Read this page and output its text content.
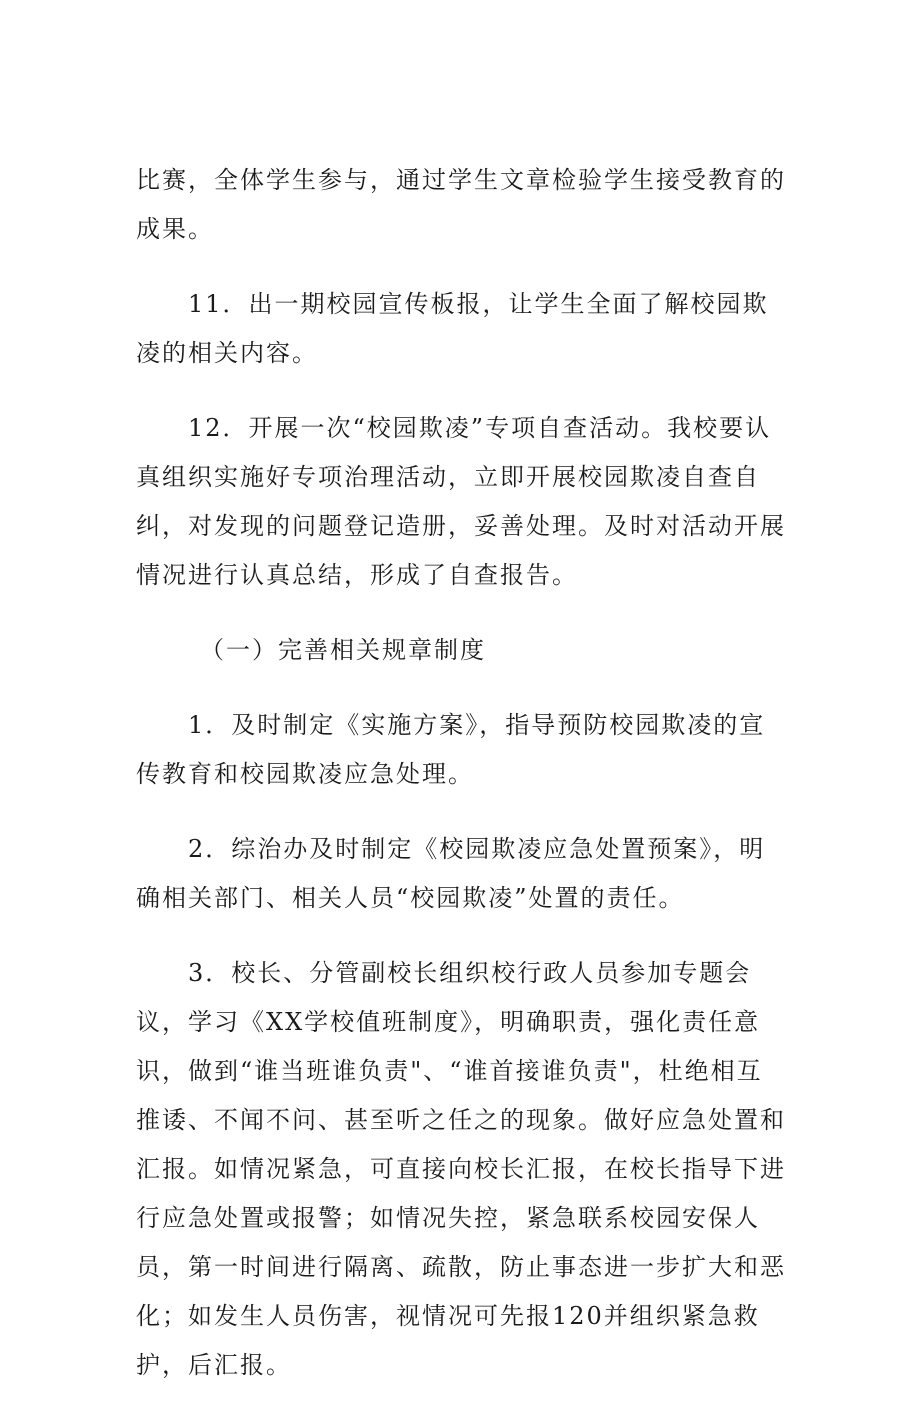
比赛，全体学生参与，通过学生文章检验学生接受教育的成果。

11．出一期校园宣传板报，让学生全面了解校园欺凌的相关内容。

12．开展一次“校园欺凌”专项自查活动。我校要认真组织实施好专项治理活动，立即开展校园欺凌自查自纠，对发现的问题登记造册，妥善处理。及时对活动开展情况进行认真总结，形成了自查报告。

（一）完善相关规章制度

1．及时制定《实施方案》，指导预防校园欺凌的宣传教育和校园欺凌应急处理。

2．综治办及时制定《校园欺凌应急处置预案》，明确相关部门、相关人员“校园欺凌”处置的责任。

3．校长、分管副校长组织校行政人员参加专题会议，学习《XX学校值班制度》，明确职责，强化责任意识，做到“谁当班谁负责"、“谁首接谁负责"，杜绝相互推诿、不闻不问、甚至听之任之的现象。做好应急处置和汇报。如情况紧急，可直接向校长汇报，在校长指导下进行应急处置或报警；如情况失控，紧急联系校园安保人员，第一时间进行隔离、疏散，防止事态进一步扩大和恶化；如发生人员伤害，视情况可先报120并组织紧急救护，后汇报。
